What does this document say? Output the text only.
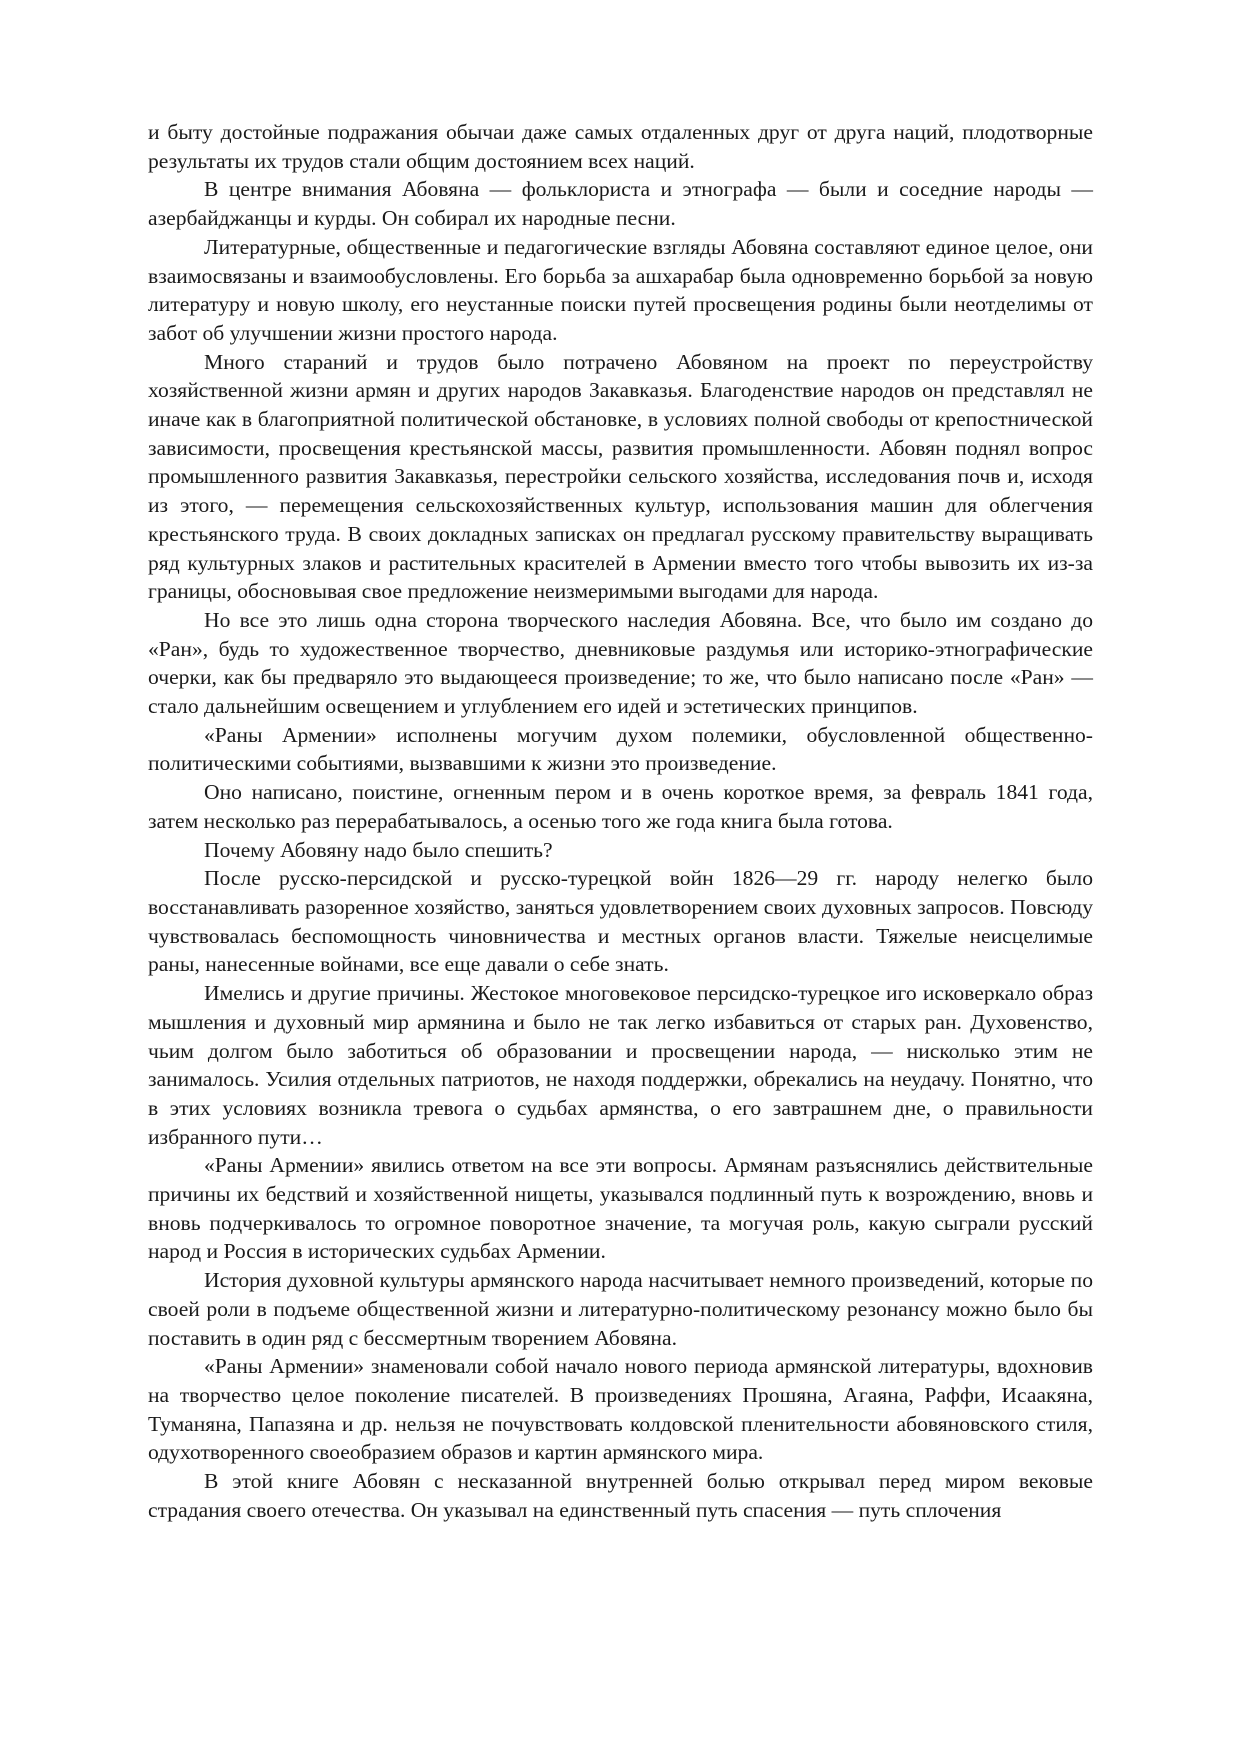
и быту достойные подражания обычаи даже самых отдаленных друг от друга наций, плодотворные результаты их трудов стали общим достоянием всех наций.

В центре внимания Абовяна — фольклориста и этнографа — были и соседние народы — азербайджанцы и курды. Он собирал их народные песни.

Литературные, общественные и педагогические взгляды Абовяна составляют единое целое, они взаимосвязаны и взаимообусловлены. Его борьба за ашхарабар была одновременно борьбой за новую литературу и новую школу, его неустанные поиски путей просвещения родины были неотделимы от забот об улучшении жизни простого народа.

Много стараний и трудов было потрачено Абовяном на проект по переустройству хозяйственной жизни армян и других народов Закавказья. Благоденствие народов он представлял не иначе как в благоприятной политической обстановке, в условиях полной свободы от крепостнической зависимости, просвещения крестьянской массы, развития промышленности. Абовян поднял вопрос промышленного развития Закавказья, перестройки сельского хозяйства, исследования почв и, исходя из этого, — перемещения сельскохозяйственных культур, использования машин для облегчения крестьянского труда. В своих докладных записках он предлагал русскому правительству выращивать ряд культурных злаков и растительных красителей в Армении вместо того чтобы вывозить их из-за границы, обосновывая свое предложение неизмеримыми выгодами для народа.

Но все это лишь одна сторона творческого наследия Абовяна. Все, что было им создано до «Ран», будь то художественное творчество, дневниковые раздумья или историко-этнографические очерки, как бы предваряло это выдающееся произведение; то же, что было написано после «Ран» — стало дальнейшим освещением и углублением его идей и эстетических принципов.

«Раны Армении» исполнены могучим духом полемики, обусловленной общественно-политическими событиями, вызвавшими к жизни это произведение.

Оно написано, поистине, огненным пером и в очень короткое время, за февраль 1841 года, затем несколько раз перерабатывалось, а осенью того же года книга была готова.

Почему Абовяну надо было спешить?

После русско-персидской и русско-турецкой войн 1826—29 гг. народу нелегко было восстанавливать разоренное хозяйство, заняться удовлетворением своих духовных запросов. Повсюду чувствовалась беспомощность чиновничества и местных органов власти. Тяжелые неисцелимые раны, нанесенные войнами, все еще давали о себе знать.

Имелись и другие причины. Жестокое многовековое персидско-турецкое иго исковеркало образ мышления и духовный мир армянина и было не так легко избавиться от старых ран. Духовенство, чьим долгом было заботиться об образовании и просвещении народа, — нисколько этим не занималось. Усилия отдельных патриотов, не находя поддержки, обрекались на неудачу. Понятно, что в этих условиях возникла тревога о судьбах армянства, о его завтрашнем дне, о правильности избранного пути…

«Раны Армении» явились ответом на все эти вопросы. Армянам разъяснялись действительные причины их бедствий и хозяйственной нищеты, указывался подлинный путь к возрождению, вновь и вновь подчеркивалось то огромное поворотное значение, та могучая роль, какую сыграли русский народ и Россия в исторических судьбах Армении.

История духовной культуры армянского народа насчитывает немного произведений, которые по своей роли в подъеме общественной жизни и литературно-политическому резонансу можно было бы поставить в один ряд с бессмертным творением Абовяна.

«Раны Армении» знаменовали собой начало нового периода армянской литературы, вдохновив на творчество целое поколение писателей. В произведениях Прошяна, Агаяна, Раффи, Исаакяна, Туманяна, Папазяна и др. нельзя не почувствовать колдовской пленительности абовяновского стиля, одухотворенного своеобразием образов и картин армянского мира.

В этой книге Абовян с несказанной внутренней болью открывал перед миром вековые страдания своего отечества. Он указывал на единственный путь спасения — путь сплочения
